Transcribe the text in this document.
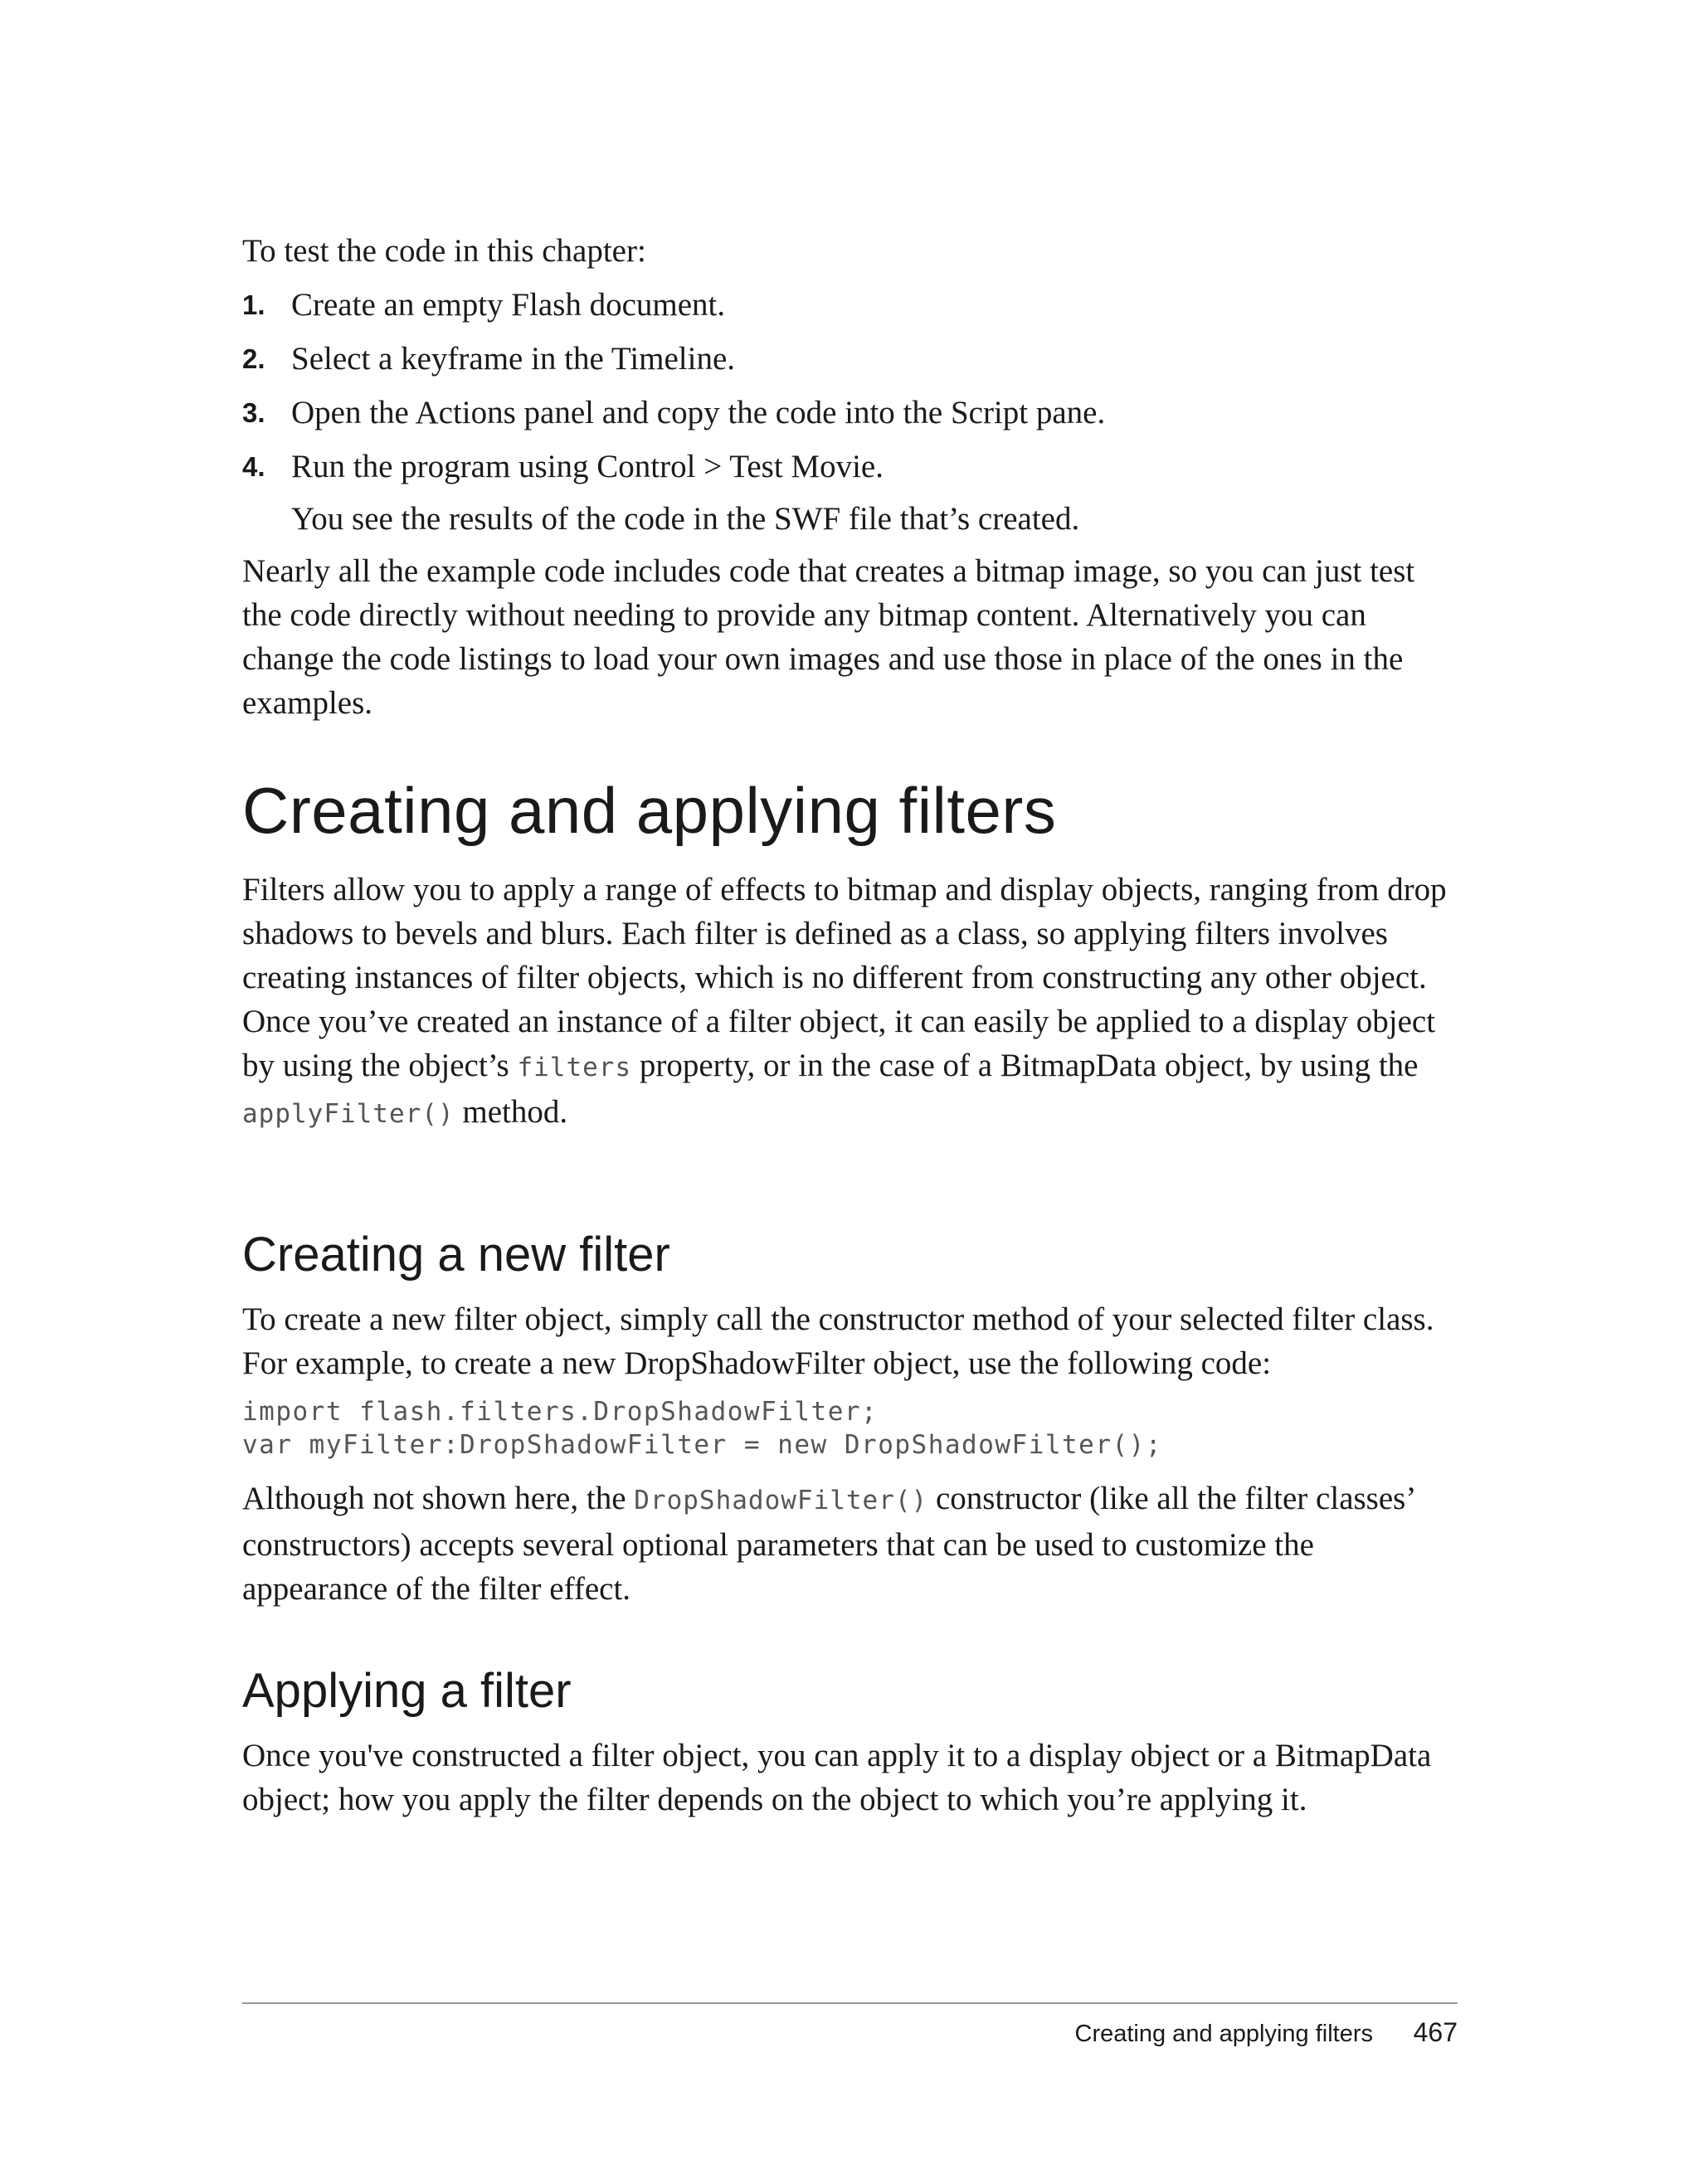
To test the code in this chapter:

1. Create an empty Flash document.
2. Select a keyframe in the Timeline.
3. Open the Actions panel and copy the code into the Script pane.
4. Run the program using Control > Test Movie.

You see the results of the code in the SWF file that’s created.

Nearly all the example code includes code that creates a bitmap image, so you can just test the code directly without needing to provide any bitmap content. Alternatively you can change the code listings to load your own images and use those in place of the ones in the examples.

Creating and applying filters

Filters allow you to apply a range of effects to bitmap and display objects, ranging from drop shadows to bevels and blurs. Each filter is defined as a class, so applying filters involves creating instances of filter objects, which is no different from constructing any other object. Once you’ve created an instance of a filter object, it can easily be applied to a display object by using the object’s filters property, or in the case of a BitmapData object, by using the applyFilter() method.

Creating a new filter

To create a new filter object, simply call the constructor method of your selected filter class. For example, to create a new DropShadowFilter object, use the following code:

import flash.filters.DropShadowFilter;
var myFilter:DropShadowFilter = new DropShadowFilter();

Although not shown here, the DropShadowFilter() constructor (like all the filter classes’ constructors) accepts several optional parameters that can be used to customize the appearance of the filter effect.

Applying a filter

Once you've constructed a filter object, you can apply it to a display object or a BitmapData object; how you apply the filter depends on the object to which you’re applying it.

Creating and applying filters	467
